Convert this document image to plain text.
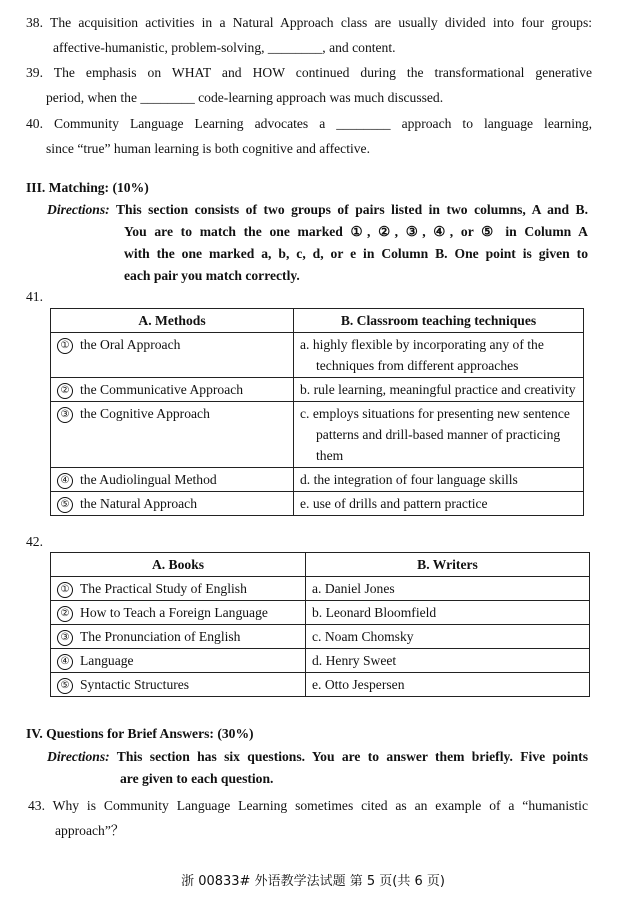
38. The acquisition activities in a Natural Approach class are usually divided into four groups:
affective-humanistic, problem-solving, ________, and content.
39. The emphasis on WHAT and HOW continued during the transformational generative
period, when the ________ code-learning approach was much discussed.
40. Community Language Learning advocates a ________ approach to language learning,
since “true” human learning is both cognitive and affective.
III. Matching: (10%)
Directions: This section consists of two groups of pairs listed in two columns, A and B.
You are to match the one marked ①, ②, ③, ④, or ⑤ in Column A
with the one marked a, b, c, d, or e in Column B. One point is given to
each pair you match correctly.
41.
A. Methods	B. Classroom teaching techniques
① the Oral Approach	a. highly flexible by incorporating any of the techniques from different approaches

② the Communicative Approach	b. rule learning, meaningful practice and creativity

③ the Cognitive Approach	c. employs situations for presenting new sentence patterns and drill-based manner of practicing them

④ the Audiolingual Method	d. the integration of four language skills

⑤ the Natural Approach	e. use of drills and pattern practice
42.
A. Books	B. Writers
① The Practical Study of English	a. Daniel Jones
② How to Teach a Foreign Language	b. Leonard Bloomfield
③ The Pronunciation of English	c. Noam Chomsky
④ Language	d. Henry Sweet
⑤ Syntactic Structures	e. Otto Jespersen
IV. Questions for Brief Answers: (30%)
Directions: This section has six questions. You are to answer them briefly. Five points
are given to each question.
43. Why is Community Language Learning sometimes cited as an example of a “humanistic
approach”？
浙 00833# 外语教学法试题 第 5 页(共 6 页)
